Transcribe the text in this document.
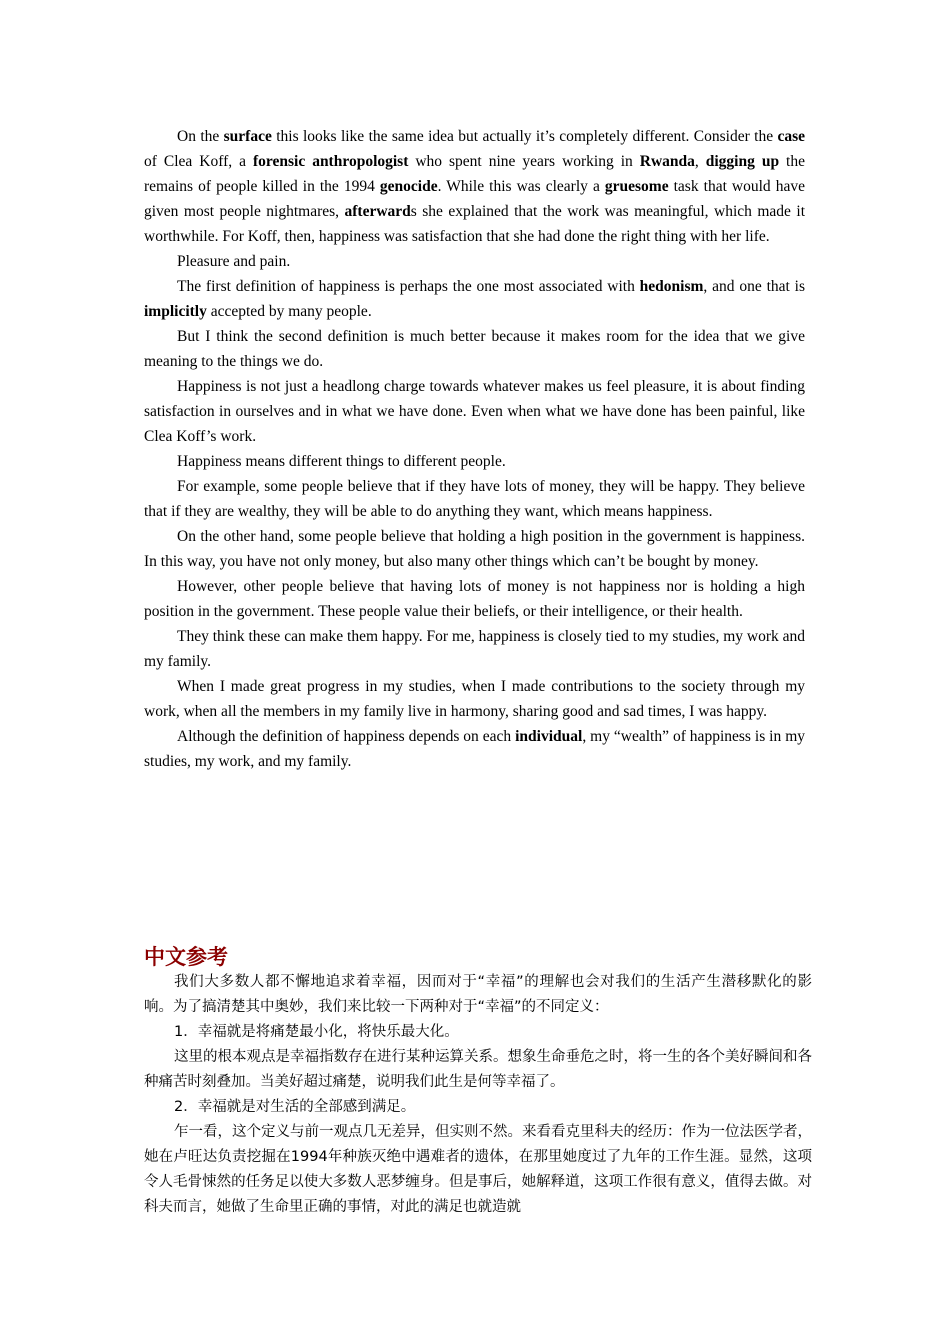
On the surface this looks like the same idea but actually it’s completely different. Consider the case of Clea Koff, a forensic anthropologist who spent nine years working in Rwanda, digging up the remains of people killed in the 1994 genocide. While this was clearly a gruesome task that would have given most people nightmares, afterwards she explained that the work was meaningful, which made it worthwhile. For Koff, then, happiness was satisfaction that she had done the right thing with her life.

Pleasure and pain.

The first definition of happiness is perhaps the one most associated with hedonism, and one that is implicitly accepted by many people.

But I think the second definition is much better because it makes room for the idea that we give meaning to the things we do.

Happiness is not just a headlong charge towards whatever makes us feel pleasure, it is about finding satisfaction in ourselves and in what we have done. Even when what we have done has been painful, like Clea Koff’s work.

Happiness means different things to different people.

For example, some people believe that if they have lots of money, they will be happy. They believe that if they are wealthy, they will be able to do anything they want, which means happiness.

On the other hand, some people believe that holding a high position in the government is happiness. In this way, you have not only money, but also many other things which can’t be bought by money.

However, other people believe that having lots of money is not happiness nor is holding a high position in the government. These people value their beliefs, or their intelligence, or their health.

They think these can make them happy. For me, happiness is closely tied to my studies, my work and my family.

When I made great progress in my studies, when I made contributions to the society through my work, when all the members in my family live in harmony, sharing good and sad times, I was happy.

Although the definition of happiness depends on each individual, my “wealth” of happiness is in my studies, my work, and my family.

中文参考

我们大多数人都不懈地追求着幸福，因而对于“幸福”的理解也会对我们的生活产生潜移默化的影响。为了搞清楚其中奥妙，我们来比较一下两种对于“幸福”的不同定义：

1．幸福就是将痛楚最小化，将快乐最大化。

这里的根本观点是幸福指数存在进行某种运算关系。想象生命垂危之时，将一生的各个美好瞬间和各种痛苦时刻叠加。当美好超过痛楚，说明我们此生是何等幸福了。

2．幸福就是对生活的全部感到满足。

乍一看，这个定义与前一观点几无差异，但实则不然。来看看克里科夫的经历：作为一位法医学者，她在卢旺达负责挖掘在1994年种族灭绝中遇难者的遗体，在那里她度过了九年的工作生涯。显然，这项令人毛骨悚然的任务足以使大多数人恶梦缠身。但是事后，她解释道，这项工作很有意义，值得去做。对科夫而言，她做了生命里正确的事情，对此的满足也就造就
